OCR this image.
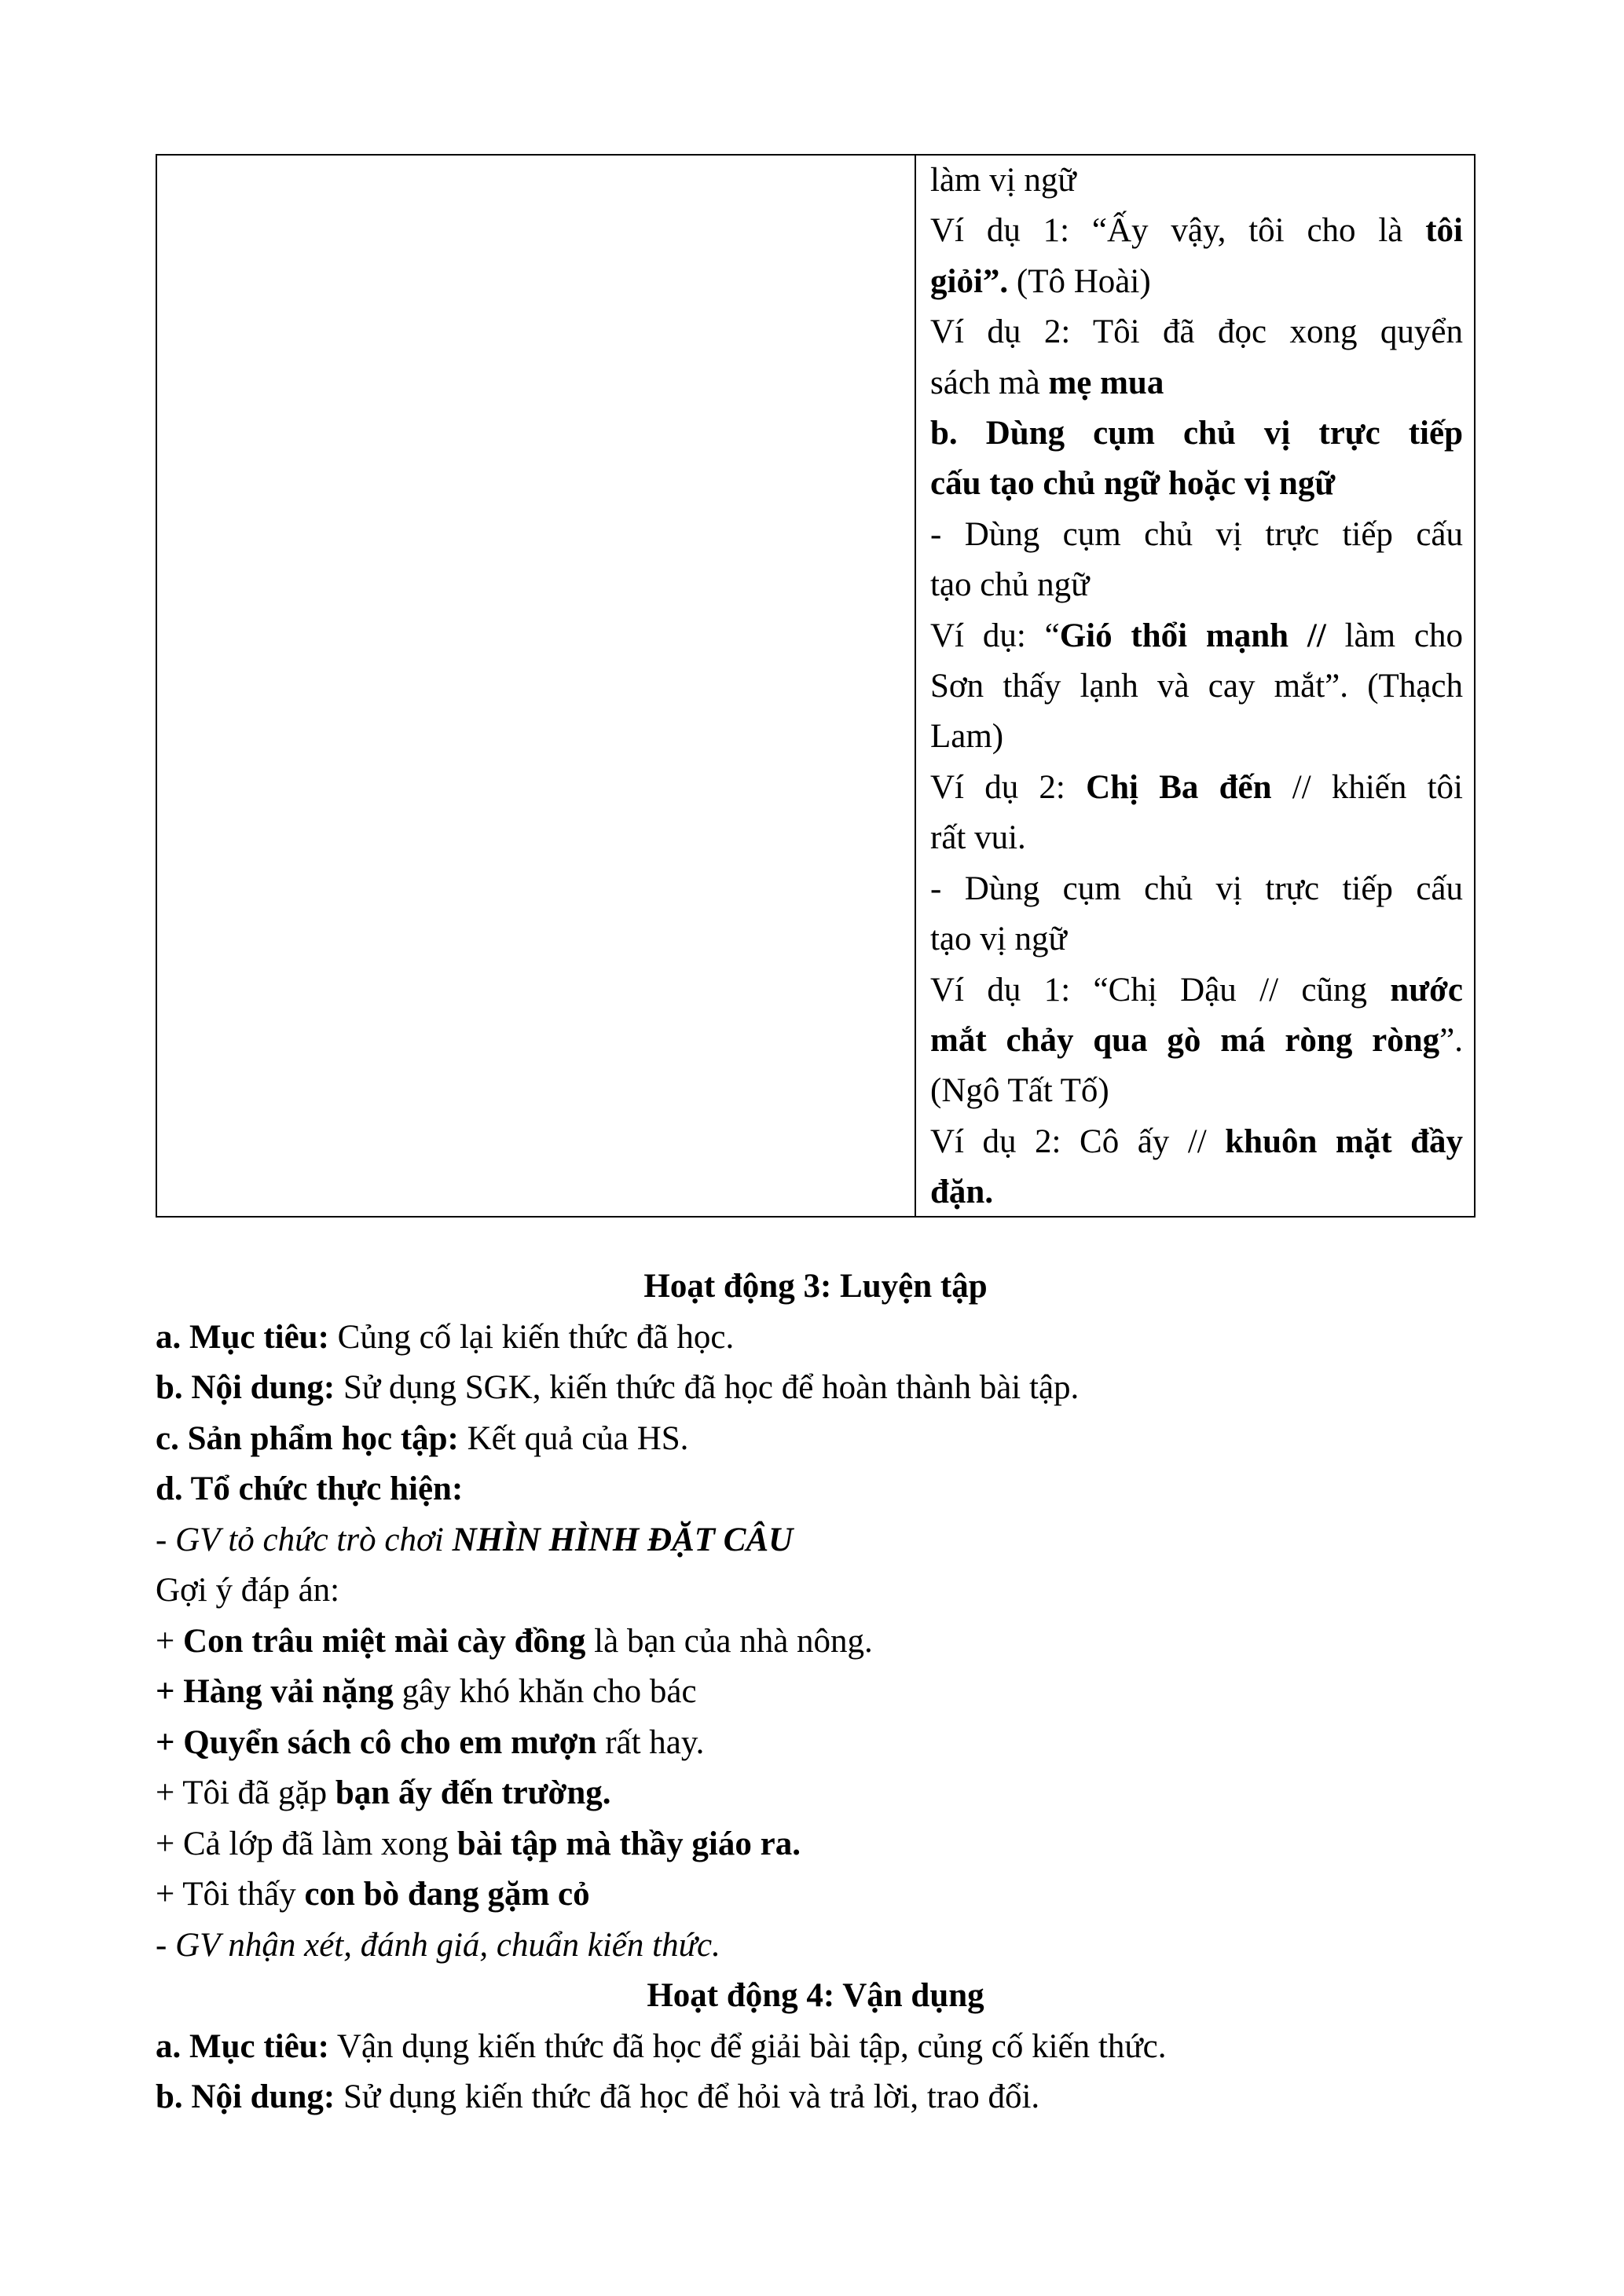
làm vị ngữ
Ví dụ 1: “Ấy vậy, tôi cho là tôi
giỏi”. (Tô Hoài)
Ví dụ 2: Tôi đã đọc xong quyển
sách mà mẹ mua
b. Dùng cụm chủ vị trực tiếp
cấu tạo chủ ngữ hoặc vị ngữ
- Dùng cụm chủ vị trực tiếp cấu
tạo chủ ngữ
Ví dụ: “Gió thổi mạnh // làm cho
Sơn thấy lạnh và cay mắt”. (Thạch
Lam)
Ví dụ 2: Chị Ba đến // khiến tôi
rất vui.
- Dùng cụm chủ vị trực tiếp cấu
tạo vị ngữ
Ví dụ 1: “Chị Dậu // cũng nước
mắt chảy qua gò má ròng ròng”.
(Ngô Tất Tố)
Ví dụ 2: Cô ấy // khuôn mặt đầy
đặn.
Hoạt động 3: Luyện tập
a. Mục tiêu: Củng cố lại kiến thức đã học.
b. Nội dung: Sử dụng SGK, kiến thức đã học để hoàn thành bài tập.
c. Sản phẩm học tập: Kết quả của HS.
d. Tổ chức thực hiện:
- GV tỏ chức trò chơi NHÌN HÌNH ĐẶT CÂU
Gợi ý đáp án:
+ Con trâu miệt mài cày đồng là bạn của nhà nông.
+ Hàng vải nặng gây khó khăn cho bác
+ Quyển sách cô cho em mượn rất hay.
+ Tôi đã gặp bạn ấy đến trường.
+ Cả lớp đã làm xong bài tập mà thầy giáo ra.
+ Tôi thấy con bò đang gặm cỏ
- GV nhận xét, đánh giá, chuẩn kiến thức.
Hoạt động 4: Vận dụng
a. Mục tiêu: Vận dụng kiến thức đã học để giải bài tập, củng cố kiến thức.
b. Nội dung: Sử dụng kiến thức đã học để hỏi và trả lời, trao đổi.
